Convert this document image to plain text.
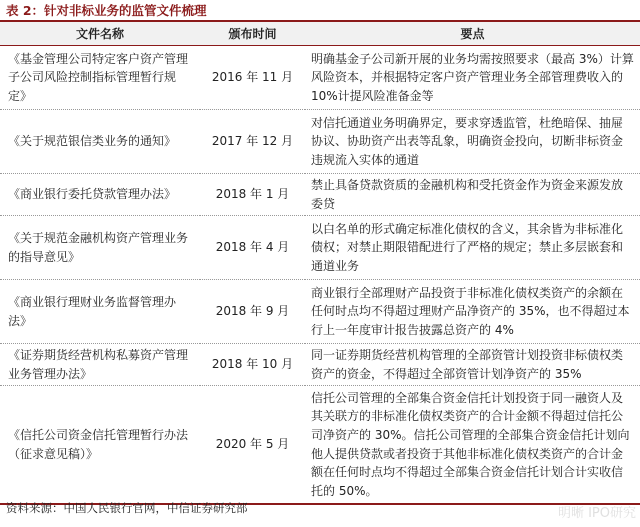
表 2：针对非标业务的监管文件梳理
文件名称	颁布时间	要点
《基金管理公司特定客户资产管理子公司风险控制指标管理暂行规定》	2016 年 11 月	明确基金子公司新开展的业务均需按照要求（最高 3%）计算风险资本，并根据特定客户资产管理业务全部管理费收入的 10%计提风险准备金等
《关于规范银信类业务的通知》	2017 年 12 月	对信托通道业务明确界定，要求穿透监管，杜绝暗保、抽屉协议、协助资产出表等乱象，明确资金投向，切断非标资金违规流入实体的通道
《商业银行委托贷款管理办法》	2018 年 1 月	禁止具备贷款资质的金融机构和受托资金作为资金来源发放委贷
《关于规范金融机构资产管理业务的指导意见》	2018 年 4 月	以白名单的形式确定标准化债权的含义，其余皆为非标准化债权；对禁止期限错配进行了严格的规定；禁止多层嵌套和通道业务
《商业银行理财业务监督管理办法》	2018 年 9 月	商业银行全部理财产品投资于非标准化债权类资产的余额在任何时点均不得超过理财产品净资产的 35%，也不得超过本行上一年度审计报告披露总资产的 4%
《证券期货经营机构私募资产管理业务管理办法》	2018 年 10 月	同一证券期货经营机构管理的全部资管计划投资非标债权类资产的资金，不得超过全部资管计划净资产的 35%
《信托公司资金信托管理暂行办法（征求意见稿）》	2020 年 5 月	信托公司管理的全部集合资金信托计划投资于同一融资人及其关联方的非标准化债权类资产的合计金额不得超过信托公司净资产的 30%。信托公司管理的全部集合资金信托计划向他人提供贷款或者投资于其他非标准化债权类资产的合计金额在任何时点均不得超过全部集合资金信托计划合计实收信托的 50%。
资料来源：中国人民银行官网，中信证券研究部	明晰 IPO研究
